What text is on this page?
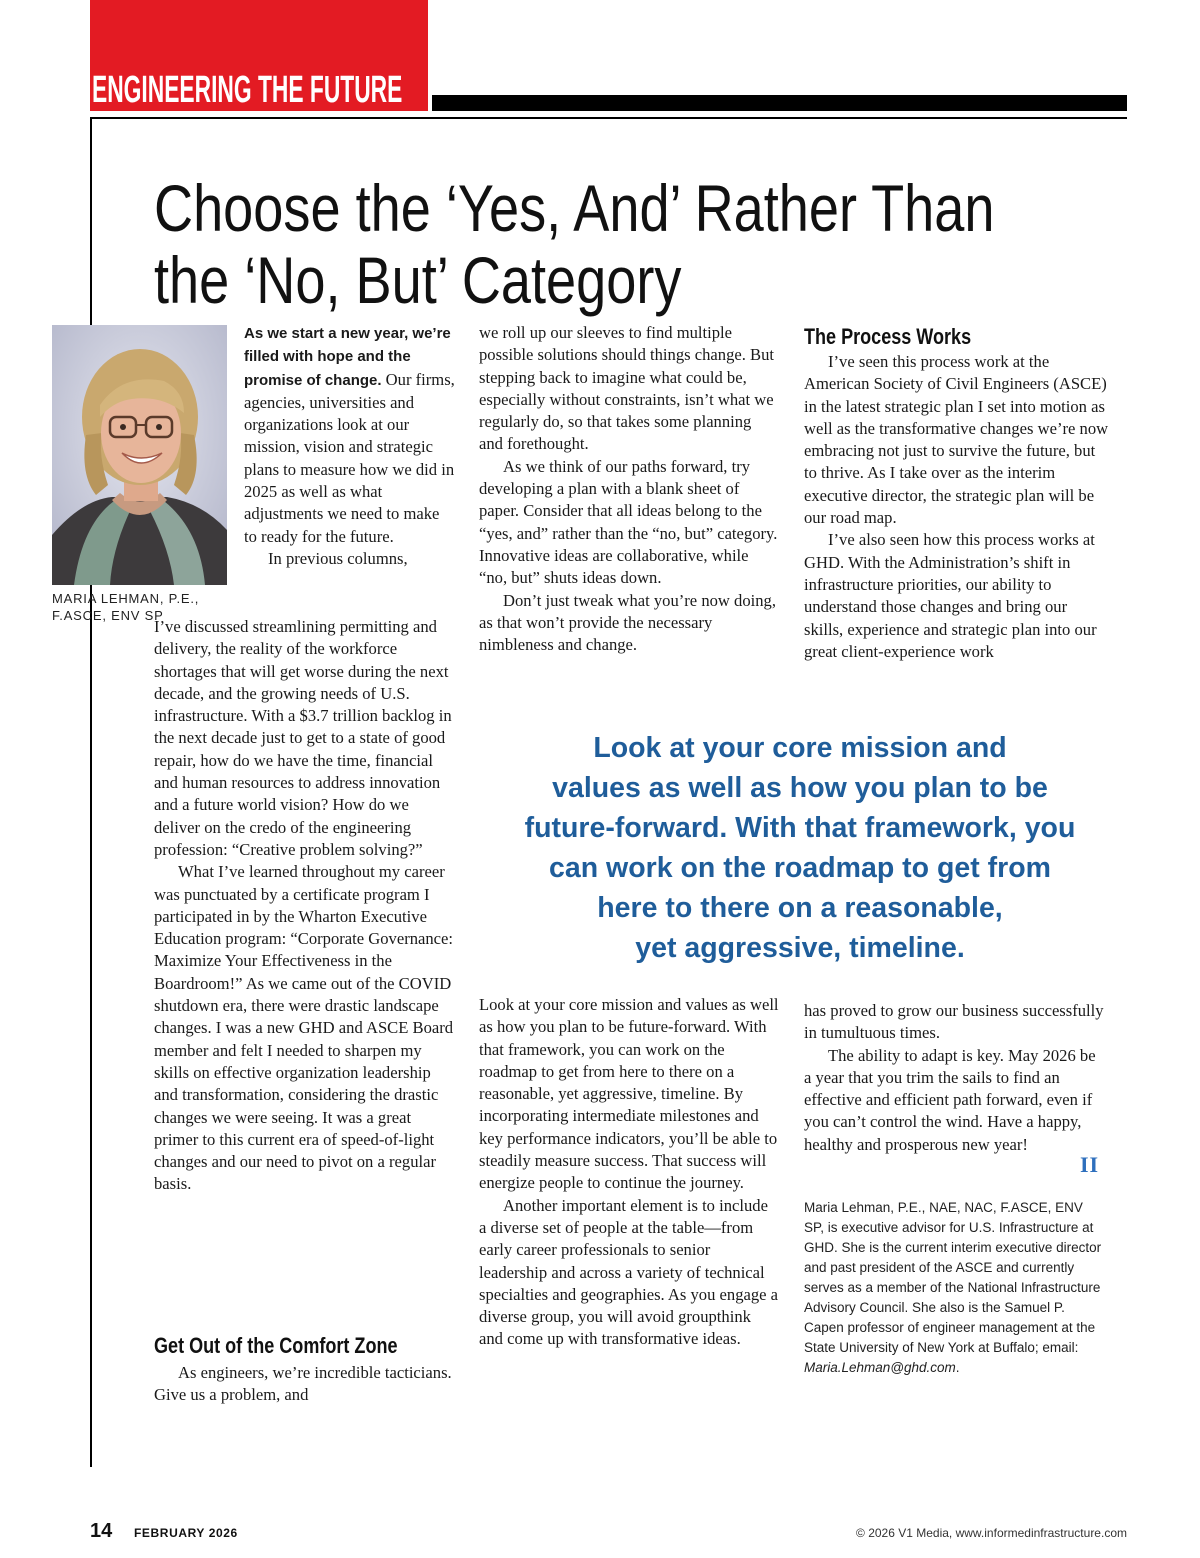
ENGINEERING THE FUTURE
Choose the ‘Yes, And’ Rather Than
the ‘No, But’ Category
MARIA LEHMAN, P.E.,
F.ASCE, ENV SP

As we start a new year, we’re filled with hope and the promise of change. Our firms, agencies, universities and organizations look at our mission, vision and strategic plans to measure how we did in 2025 as well as what adjustments we need to make to ready for the future.

In previous columns,

I’ve discussed streamlining permitting and delivery, the reality of the workforce shortages that will get worse during the next decade, and the growing needs of U.S. infrastructure. With a $3.7 trillion backlog in the next decade just to get to a state of good repair, how do we have the time, financial and human resources to address innovation and a future world vision? How do we deliver on the credo of the engineering profession: “Creative problem solving?”

What I’ve learned throughout my career was punctuated by a certificate program I participated in by the Wharton Executive Education program: “Corporate Governance: Maximize Your Effectiveness in the Boardroom!” As we came out of the COVID shutdown era, there were drastic landscape changes. I was a new GHD and ASCE Board member and felt I needed to sharpen my skills on effective organization leadership and transformation, considering the drastic changes we were seeing. It was a great primer to this current era of speed-of-light changes and our need to pivot on a regular basis.

Get Out of the Comfort Zone

As engineers, we’re incredible tacticians. Give us a problem, and

we roll up our sleeves to find multiple possible solutions should things change. But stepping back to imagine what could be, especially without constraints, isn’t what we regularly do, so that takes some planning and forethought.

As we think of our paths forward, try developing a plan with a blank sheet of paper. Consider that all ideas belong to the “yes, and” rather than the “no, but” category. Innovative ideas are collaborative, while “no, but” shuts ideas down.

Don’t just tweak what you’re now doing, as that won’t provide the necessary nimbleness and change.

Look at your core mission and values as well as how you plan to be future-forward. With that framework, you can work on the roadmap to get from here to there on a reasonable, yet aggressive, timeline. By incorporating intermediate milestones and key performance indicators, you’ll be able to steadily measure success. That success will energize people to continue the journey.

Another important element is to include a diverse set of people at the table—from early career professionals to senior leadership and across a variety of technical specialties and geographies. As you engage a diverse group, you will avoid groupthink and come up with transformative ideas.

The Process Works

I’ve seen this process work at the American Society of Civil Engineers (ASCE) in the latest strategic plan I set into motion as well as the transformative changes we’re now embracing not just to survive the future, but to thrive. As I take over as the interim executive director, the strategic plan will be our road map.

I’ve also seen how this process works at GHD. With the Administration’s shift in infrastructure priorities, our ability to understand those changes and bring our skills, experience and strategic plan into our great client-experience work

has proved to grow our business successfully in tumultuous times.

The ability to adapt is key. May 2026 be a year that you trim the sails to find an effective and efficient path forward, even if you can’t control the wind. Have a happy, healthy and prosperous new year!

II
Maria Lehman, P.E., NAE, NAC, F.ASCE, ENV SP, is executive advisor for U.S. Infrastructure at GHD. She is the current interim executive director and past president of the ASCE and currently serves as a member of the National Infrastructure Advisory Council. She also is the Samuel P. Capen professor of engineer management at the State University of New York at Buffalo; email: Maria.Lehman@ghd.com.
Look at your core mission and
values as well as how you plan to be
future-forward. With that framework, you
can work on the roadmap to get from
here to there on a reasonable,
yet aggressive, timeline.
14 FEBRUARY 2026	© 2026 V1 Media, www.informedinfrastructure.com
